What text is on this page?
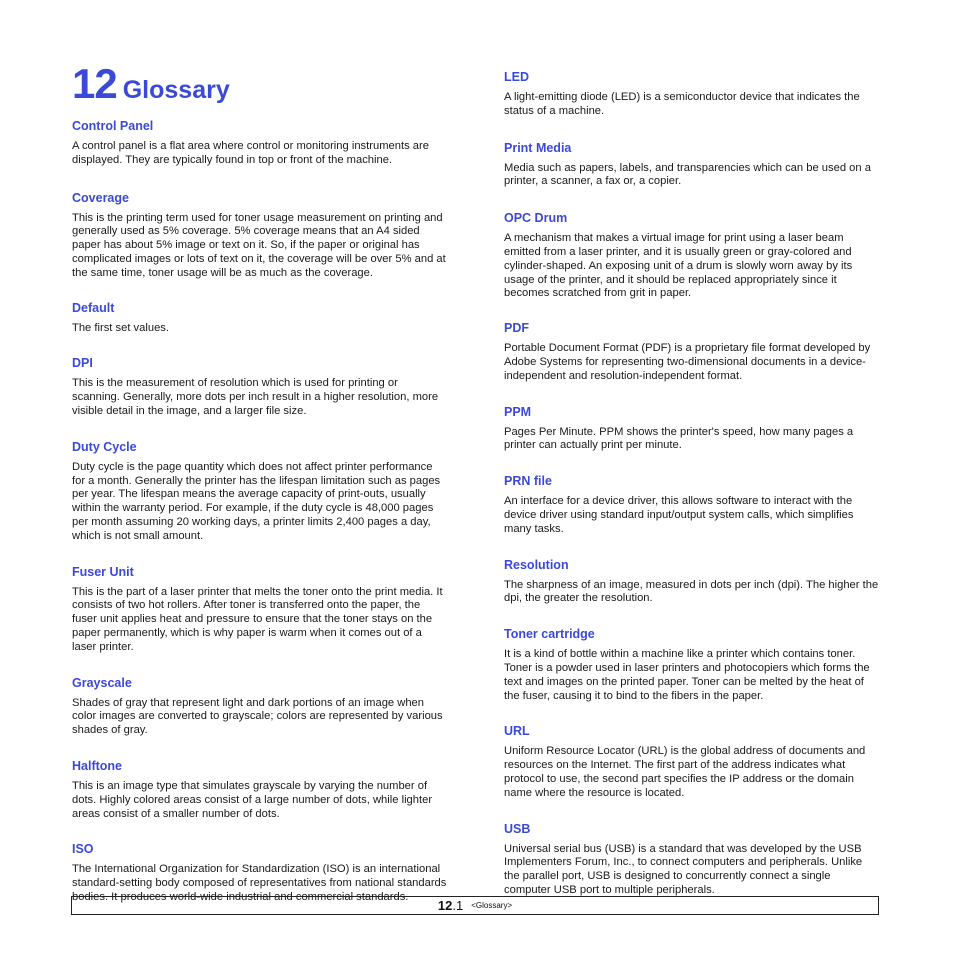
12 Glossary
Control Panel
A control panel is a flat area where control or monitoring instruments are displayed. They are typically found in top or front of the machine.
Coverage
This is the printing term used for toner usage measurement on printing and generally used as 5% coverage. 5% coverage means that an A4 sided paper has about 5% image or text on it. So, if the paper or original has complicated images or lots of text on it, the coverage will be over 5% and at the same time, toner usage will be as much as the coverage.
Default
The first set values.
DPI
This is the measurement of resolution which is used for printing or scanning. Generally, more dots per inch result in a higher resolution, more visible detail in the image, and a larger file size.
Duty Cycle
Duty cycle is the page quantity which does not affect printer performance for a month. Generally the printer has the lifespan limitation such as pages per year. The lifespan means the average capacity of print-outs, usually within the warranty period. For example, if the duty cycle is 48,000 pages per month assuming 20 working days, a printer limits 2,400 pages a day, which is not small amount.
Fuser Unit
This is the part of a laser printer that melts the toner onto the print media. It consists of two hot rollers. After toner is transferred onto the paper, the fuser unit applies heat and pressure to ensure that the toner stays on the paper permanently, which is why paper is warm when it comes out of a laser printer.
Grayscale
Shades of gray that represent light and dark portions of an image when color images are converted to grayscale; colors are represented by various shades of gray.
Halftone
This is an image type that simulates grayscale by varying the number of dots. Highly colored areas consist of a large number of dots, while lighter areas consist of a smaller number of dots.
ISO
The International Organization for Standardization (ISO) is an international standard-setting body composed of representatives from national standards bodies. It produces world-wide industrial and commercial standards.
LED
A light-emitting diode (LED) is a semiconductor device that indicates the status of a machine.
Print Media
Media such as papers, labels, and transparencies which can be used on a printer, a scanner, a fax or, a copier.
OPC Drum
A mechanism that makes a virtual image for print using a laser beam emitted from a laser printer, and it is usually green or gray-colored and cylinder-shaped. An exposing unit of a drum is slowly worn away by its usage of the printer, and it should be replaced appropriately since it becomes scratched from grit in paper.
PDF
Portable Document Format (PDF) is a proprietary file format developed by Adobe Systems for representing two-dimensional documents in a device-independent and resolution-independent format.
PPM
Pages Per Minute. PPM shows the printer's speed, how many pages a printer can actually print per minute.
PRN file
An interface for a device driver, this allows software to interact with the device driver using standard input/output system calls, which simplifies many tasks.
Resolution
The sharpness of an image, measured in dots per inch (dpi). The higher the dpi, the greater the resolution.
Toner cartridge
It is a kind of bottle within a machine like a printer which contains toner. Toner is a powder used in laser printers and photocopiers which forms the text and images on the printed paper. Toner can be melted by the heat of the fuser, causing it to bind to the fibers in the paper.
URL
Uniform Resource Locator (URL) is the global address of documents and resources on the Internet. The first part of the address indicates what protocol to use, the second part specifies the IP address or the domain name where the resource is located.
USB
Universal serial bus (USB) is a standard that was developed by the USB Implementers Forum, Inc., to connect computers and peripherals. Unlike the parallel port, USB is designed to concurrently connect a single computer USB port to multiple peripherals.
12 .1 <Glossary>
